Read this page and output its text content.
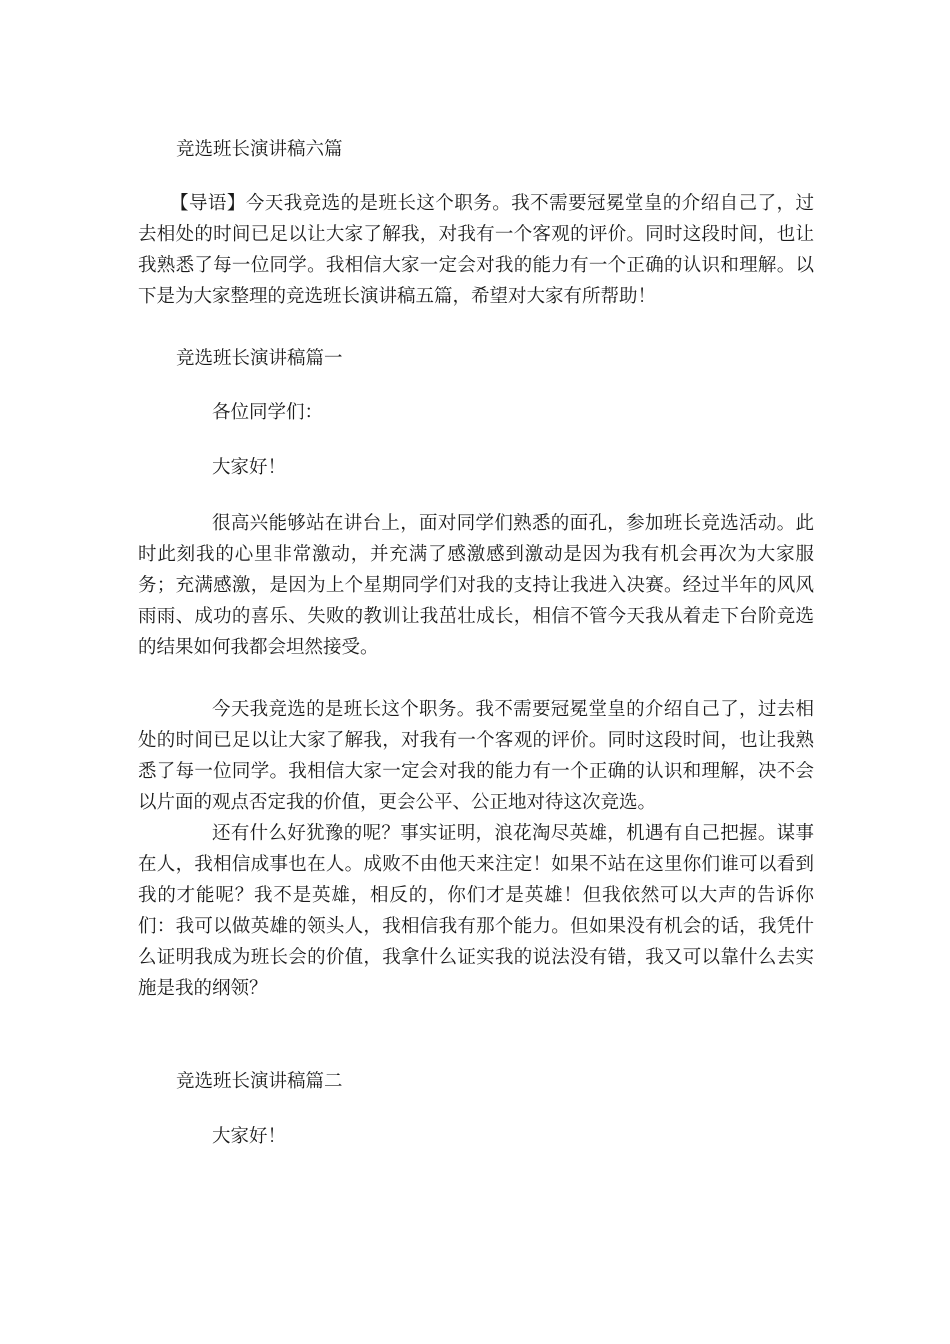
竞选班长演讲稿六篇

【导语】今天我竞选的是班长这个职务。我不需要冠冕堂皇的介绍自己了，过去相处的时间已足以让大家了解我，对我有一个客观的评价。同时这段时间，也让我熟悉了每一位同学。我相信大家一定会对我的能力有一个正确的认识和理解。以下是为大家整理的竞选班长演讲稿五篇，希望对大家有所帮助！

竞选班长演讲稿篇一

各位同学们：

大家好！

很高兴能够站在讲台上，面对同学们熟悉的面孔，参加班长竞选活动。此时此刻我的心里非常激动，并充满了感激感到激动是因为我有机会再次为大家服务；充满感激，是因为上个星期同学们对我的支持让我进入决赛。经过半年的风风雨雨、成功的喜乐、失败的教训让我茁壮成长，相信不管今天我从着走下台阶竞选的结果如何我都会坦然接受。

今天我竞选的是班长这个职务。我不需要冠冕堂皇的介绍自己了，过去相处的时间已足以让大家了解我，对我有一个客观的评价。同时这段时间，也让我熟悉了每一位同学。我相信大家一定会对我的能力有一个正确的认识和理解，决不会以片面的观点否定我的价值，更会公平、公正地对待这次竞选。

还有什么好犹豫的呢？事实证明，浪花淘尽英雄，机遇有自己把握。谋事在人，我相信成事也在人。成败不由他天来注定！如果不站在这里你们谁可以看到我的才能呢？我不是英雄，相反的，你们才是英雄！但我依然可以大声的告诉你们：我可以做英雄的领头人，我相信我有那个能力。但如果没有机会的话，我凭什么证明我成为班长会的价值，我拿什么证实我的说法没有错，我又可以靠什么去实施是我的纲领？

竞选班长演讲稿篇二

大家好！
